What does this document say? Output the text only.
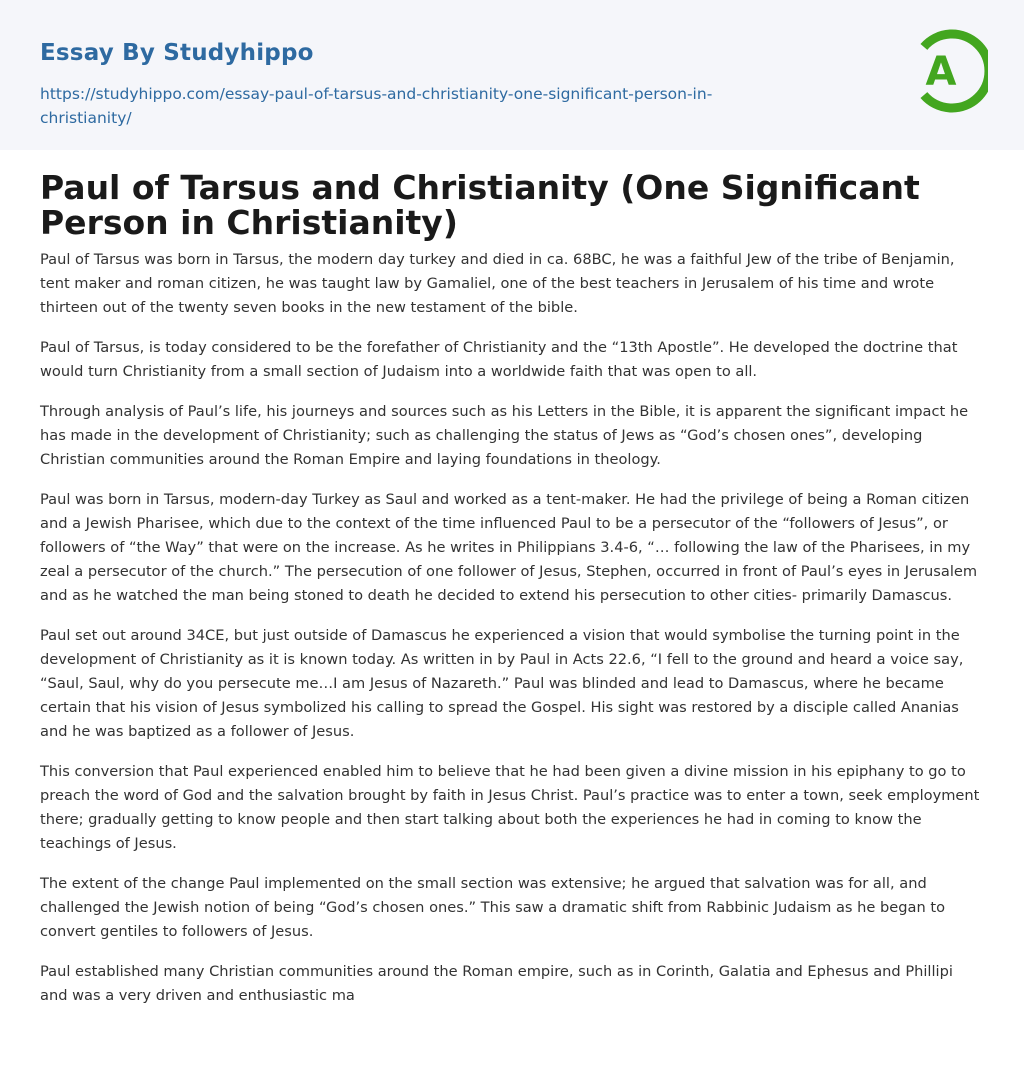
Essay By Studyhippo
https://studyhippo.com/essay-paul-of-tarsus-and-christianity-one-significant-person-in-christianity/
A
Paul of Tarsus and Christianity (One Significant Person in Christianity)

Paul of Tarsus was born in Tarsus, the modern day turkey and died in ca. 68BC, he was a faithful Jew of the tribe of Benjamin, tent maker and roman citizen, he was taught law by Gamaliel, one of the best teachers in Jerusalem of his time and wrote thirteen out of the twenty seven books in the new testament of the bible.

Paul of Tarsus, is today considered to be the forefather of Christianity and the “13th Apostle”. He developed the doctrine that would turn Christianity from a small section of Judaism into a worldwide faith that was open to all.

Through analysis of Paul’s life, his journeys and sources such as his Letters in the Bible, it is apparent the significant impact he has made in the development of Christianity; such as challenging the status of Jews as “God’s chosen ones”, developing Christian communities around the Roman Empire and laying foundations in theology.

Paul was born in Tarsus, modern-day Turkey as Saul and worked as a tent-maker. He had the privilege of being a Roman citizen and a Jewish Pharisee, which due to the context of the time influenced Paul to be a persecutor of the “followers of Jesus”, or followers of “the Way” that were on the increase. As he writes in Philippians 3.4-6, “… following the law of the Pharisees, in my zeal a persecutor of the church.” The persecution of one follower of Jesus, Stephen, occurred in front of Paul’s eyes in Jerusalem and as he watched the man being stoned to death he decided to extend his persecution to other cities- primarily Damascus.

Paul set out around 34CE, but just outside of Damascus he experienced a vision that would symbolise the turning point in the development of Christianity as it is known today. As written in by Paul in Acts 22.6, “I fell to the ground and heard a voice say, “Saul, Saul, why do you persecute me…I am Jesus of Nazareth.” Paul was blinded and lead to Damascus, where he became certain that his vision of Jesus symbolized his calling to spread the Gospel. His sight was restored by a disciple called Ananias and he was baptized as a follower of Jesus.

This conversion that Paul experienced enabled him to believe that he had been given a divine mission in his epiphany to go to preach the word of God and the salvation brought by faith in Jesus Christ. Paul’s practice was to enter a town, seek employment there; gradually getting to know people and then start talking about both the experiences he had in coming to know the teachings of Jesus.

The extent of the change Paul implemented on the small section was extensive; he argued that salvation was for all, and challenged the Jewish notion of being “God’s chosen ones.” This saw a dramatic shift from Rabbinic Judaism as he began to convert gentiles to followers of Jesus.

Paul established many Christian communities around the Roman empire, such as in Corinth, Galatia and Ephesus and Phillipi and was a very driven and enthusiastic ma
